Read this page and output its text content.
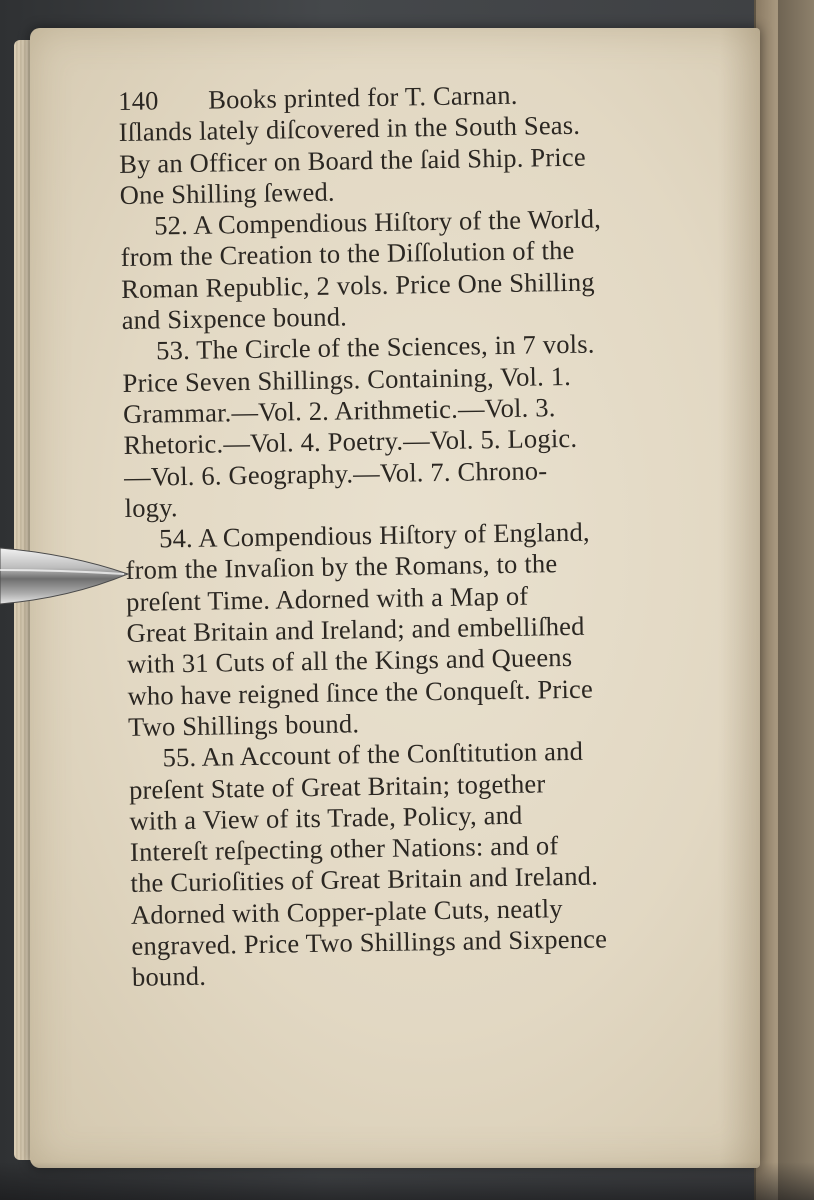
140 Books printed for T. Carnan.
Iſlands lately diſcovered in the South Seas.
By an Officer on Board the ſaid Ship. Price
One Shilling ſewed.
52. A Compendious Hiſtory of the World,
from the Creation to the Diſſolution of the
Roman Republic, 2 vols. Price One Shilling
and Sixpence bound.
53. The Circle of the Sciences, in 7 vols.
Price Seven Shillings. Containing, Vol. 1.
Grammar.—Vol. 2. Arithmetic.—Vol. 3.
Rhetoric.—Vol. 4. Poetry.—Vol. 5. Logic.
—Vol. 6. Geography.—Vol. 7. Chrono-
logy.
54. A Compendious Hiſtory of England,
from the Invaſion by the Romans, to the
preſent Time. Adorned with a Map of
Great Britain and Ireland; and embelliſhed
with 31 Cuts of all the Kings and Queens
who have reigned ſince the Conqueſt. Price
Two Shillings bound.
55. An Account of the Conſtitution and
preſent State of Great Britain; together
with a View of its Trade, Policy, and
Intereſt reſpecting other Nations: and of
the Curioſities of Great Britain and Ireland.
Adorned with Copper-plate Cuts, neatly
engraved. Price Two Shillings and Sixpence
bound.
